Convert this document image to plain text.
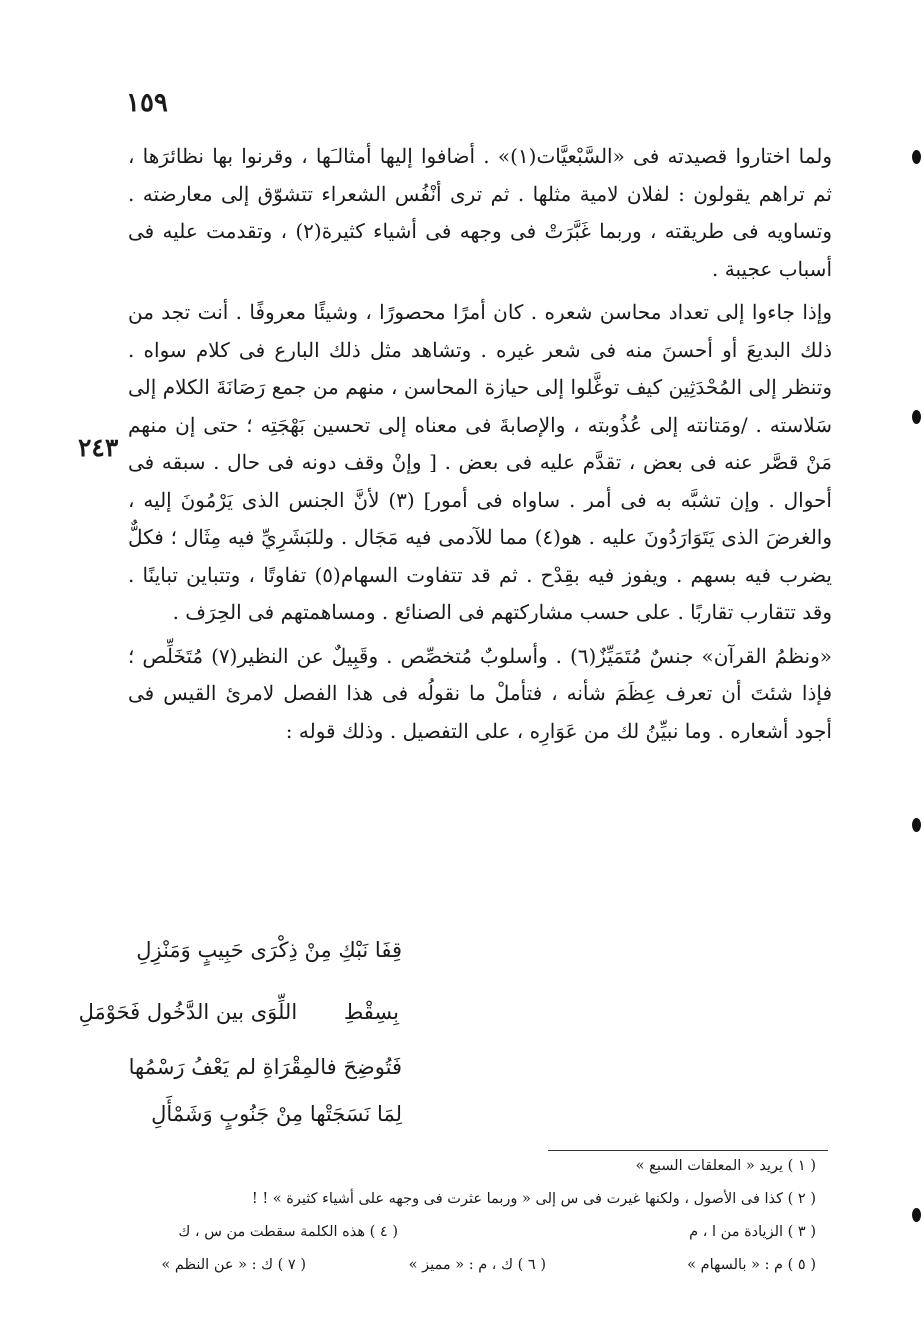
١٥٩
٢٤٣

ولما اختاروا قصيدته فى «السَّبْعيَّات(١)» . أضافوا إليها أمثالـَها ، وقرنوا بها نظائرَها ، ثم تراهم يقولون : لفلان لامية مثلها . ثم ترى أنْفُس الشعراء تتشوّق إلى معارضته . وتساويه فى طريقته ، وربما غَبَّرَتْ فى وجهه فى أشياء كثيرة(٢) ، وتقدمت عليه فى أسباب عجيبة .

وإذا جاءوا إلى تعداد محاسن شعره . كان أمرًا محصورًا ، وشيئًا معروفًا . أنت تجد من ذلك البديعَ أو أحسنَ منه فى شعر غيره . وتشاهد مثل ذلك البارع فى كلام سواه . وتنظر إلى المُحْدَثِين كيف توغَّلوا إلى حيازة المحاسن ، منهم من جمع رَصَانَةَ الكلام إلى سَلاسته . /ومَتانته إلى عُذُوبته ، والإصابةَ فى معناه إلى تحسين بَهْجَتِه ؛ حتى إن منهم مَنْ قصَّر عنه فى بعض ، تقدَّم عليه فى بعض . [ وإنْ وقف دونه فى حال . سبقه فى أحوال . وإن تشبَّه به فى أمر . ساواه فى أمور] (٣) لأنَّ الجنس الذى يَرْمُونَ إليه ، والغرضَ الذى يَتَوَارَدُونَ عليه . هو(٤) مما للآدمى فيه مَجَال . وللبَشَرِيِّ فيه مِثَال ؛ فكلٌّ يضرب فيه بسهم . ويفوز فيه بقِدْح . ثم قد تتفاوت السهام(٥) تفاوتًا ، وتتباين تباينًا . وقد تتقارب تقاربًا . على حسب مشاركتهم فى الصنائع . ومساهمتهم فى الحِرَف .

«ونظمُ القرآن» جنسٌ مُتَمَيِّزٌ(٦) . وأسلوبٌ مُتخصِّص . وقَبِيلٌ عن النظير(٧) مُتَخَلِّص ؛ فإذا شئتَ أن تعرف عِظَمَ شأنه ، فتأملْ ما نقولُه فى هذا الفصل لامرئ القيس فى أجود أشعاره . وما نبيِّنُ لك من عَوَارِه ، على التفصيل . وذلك قوله :

قِفَا نَبْكِ مِنْ ذِكْرَى حَبِيبٍ وَمَنْزِلِ
بِسِقْطِ اللِّوَى بين الدَّخُول فَحَوْمَلِ
فَتُوضِحَ فالمِقْرَاةِ لم يَعْفُ رَسْمُها
لِمَا نَسَجَتْها مِنْ جَنُوبٍ وَشَمْأَلِ
( ١ ) يريد « المعلقات السبع »
( ٢ ) كذا فى الأصول ، ولكنها غيرت فى س إلى « وربما عثرت فى وجهه على أشياء كثيرة » ! !
( ٣ ) الزيادة من ا ، م
( ٤ ) هذه الكلمة سقطت من س ، ك
( ٥ ) م : « بالسهام »
( ٦ ) ك ، م : « مميز »
( ٧ ) ك : « عن النظم »
